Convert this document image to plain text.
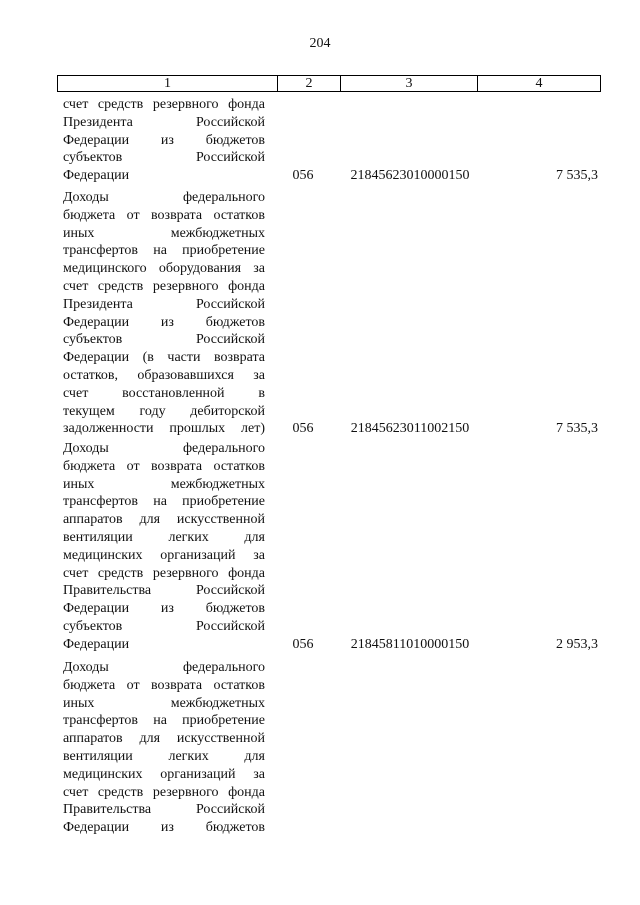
204
1	2	3	4
счет средств резервного фонда
Президента Российской
Федерации из бюджетов
субъектов Российской
Федерации	056	21845623010000150	7 535,3
Доходы федерального
бюджета от возврата остатков
иных межбюджетных
трансфертов на приобретение
медицинского оборудования за
счет средств резервного фонда
Президента Российской
Федерации из бюджетов
субъектов Российской
Федерации (в части возврата
остатков, образовавшихся за
счет восстановленной в
текущем году дебиторской
задолженности прошлых лет) 056	21845623011002150	7 535,3
Доходы федерального
бюджета от возврата остатков
иных межбюджетных
трансфертов на приобретение
аппаратов для искусственной
вентиляции легких для
медицинских организаций за
счет средств резервного фонда
Правительства Российской
Федерации из бюджетов
субъектов Российской
Федерации	056	21845811010000150	2 953,3
Доходы федерального
бюджета от возврата остатков
иных межбюджетных
трансфертов на приобретение
аппаратов для искусственной
вентиляции легких для
медицинских организаций за
счет средств резервного фонда
Правительства Российской
Федерации из бюджетов
